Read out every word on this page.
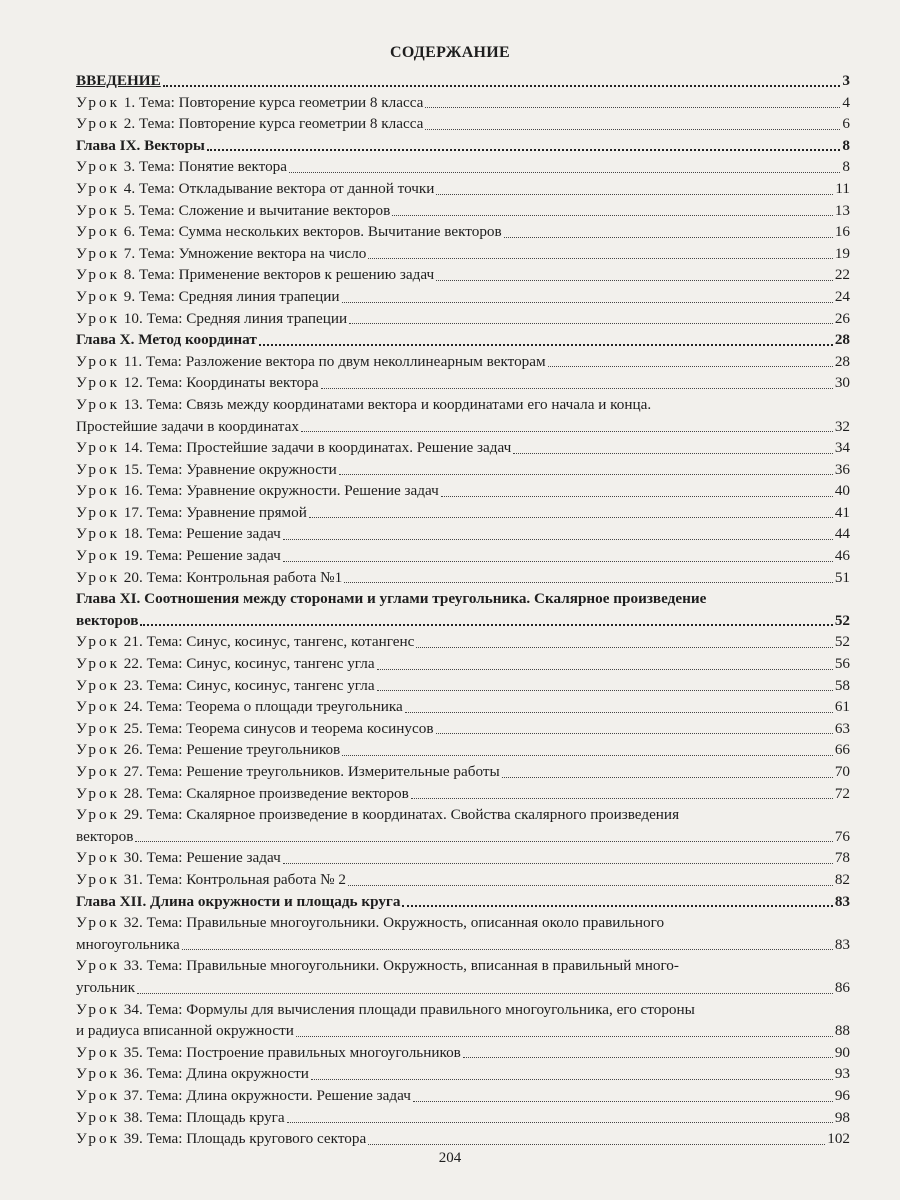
СОДЕРЖАНИЕ
ВВЕДЕНИЕ	3
Урок 1. Тема: Повторение курса геометрии 8 класса	4
Урок 2. Тема: Повторение курса геометрии 8 класса	6
Глава IX. Векторы	8
Урок 3. Тема: Понятие вектора	8
Урок 4. Тема: Откладывание вектора от данной точки	11
Урок 5. Тема: Сложение и вычитание векторов	13
Урок 6. Тема: Сумма нескольких векторов. Вычитание векторов	16
Урок 7. Тема: Умножение вектора на число	19
Урок 8. Тема: Применение векторов к решению задач	22
Урок 9. Тема: Средняя линия трапеции	24
Урок 10. Тема: Средняя линия трапеции	26
Глава X. Метод координат	28
Урок 11. Тема: Разложение вектора по двум неколлинеарным векторам	28
Урок 12. Тема: Координаты вектора	30
Урок 13. Тема: Связь между координатами вектора и координатами его начала и конца.
Простейшие задачи в координатах	32
Урок 14. Тема: Простейшие задачи в координатах. Решение задач	34
Урок 15. Тема: Уравнение окружности	36
Урок 16. Тема: Уравнение окружности. Решение задач	40
Урок 17. Тема: Уравнение прямой	41
Урок 18. Тема: Решение задач	44
Урок 19. Тема: Решение задач	46
Урок 20. Тема: Контрольная работа №1	51
Глава XI. Соотношения между сторонами и углами треугольника. Скалярное произведение
векторов	52
Урок 21. Тема: Синус, косинус, тангенс, котангенс	52
Урок 22. Тема: Синус, косинус, тангенс угла	56
Урок 23. Тема: Синус, косинус, тангенс угла	58
Урок 24. Тема: Теорема о площади треугольника	61
Урок 25. Тема: Теорема синусов и теорема косинусов	63
Урок 26. Тема: Решение треугольников	66
Урок 27. Тема: Решение треугольников. Измерительные работы	70
Урок 28. Тема: Скалярное произведение векторов	72
Урок 29. Тема: Скалярное произведение в координатах. Свойства скалярного произведения
векторов	76
Урок 30. Тема: Решение задач	78
Урок 31. Тема: Контрольная работа № 2	82
Глава XII. Длина окружности и площадь круга	83
Урок 32. Тема: Правильные многоугольники. Окружность, описанная около правильного
многоугольника	83
Урок 33. Тема: Правильные многоугольники. Окружность, вписанная в правильный много-
угольник	86
Урок 34. Тема: Формулы для вычисления площади правильного многоугольника, его стороны
и радиуса вписанной окружности	88
Урок 35. Тема: Построение правильных многоугольников	90
Урок 36. Тема: Длина окружности	93
Урок 37. Тема: Длина окружности. Решение задач	96
Урок 38. Тема: Площадь круга	98
Урок 39. Тема: Площадь кругового сектора	102
204
